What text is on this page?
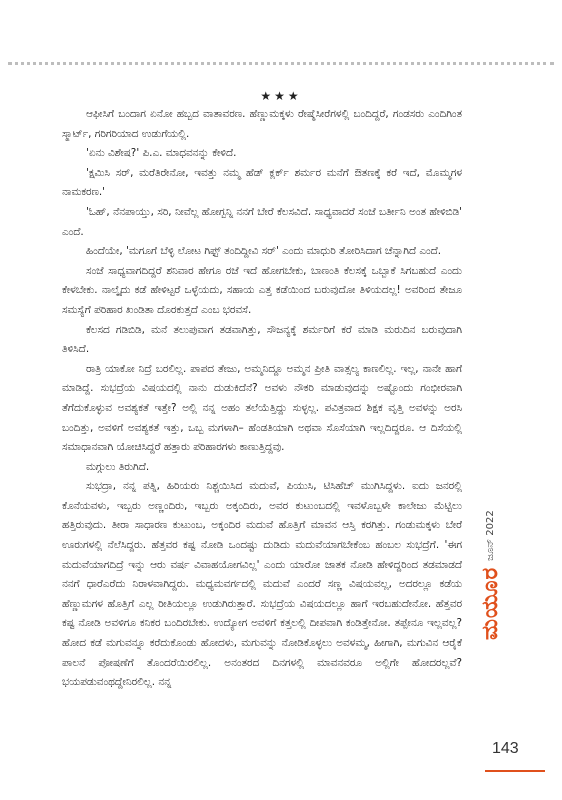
★★★

ಆಫೀಸಿಗೆ ಬಂದಾಗ ಏನೋ ಹಬ್ಬದ ವಾತಾವರಣ. ಹೆಣ್ಣುಮಕ್ಕಳು ರೇಷ್ಮೆಸೀರೆಗಳಲ್ಲಿ ಬಂದಿದ್ದರೆ, ಗಂಡಸರು ಎಂದಿಗಿಂತ ಸ್ಮಾರ್ಟ್, ಗರಿಗರಿಯಾದ ಉಡುಗೆಯಲ್ಲಿ.

'ಏನು ವಿಶೇಷ?' ಪಿ.ಎ. ಮಾಧವನನ್ನು ಕೇಳಿದೆ.

'ಕ್ಷಮಿಸಿ ಸರ್, ಮರೆತಿರೇನೋ, ಇವತ್ತು ನಮ್ಮ ಹೆಡ್ ಕ್ಲರ್ಕ್ ಶರ್ಮರ ಮನೆಗೆ ಔತಣಕ್ಕೆ ಕರೆ ಇದೆ, ಮೊಮ್ಮಗಳ ನಾಮಕರಣ.'

'ಓಹ್, ನೆನಪಾಯ್ತು, ಸರಿ, ನೀವೆಲ್ಲ ಹೋಗ್ಬನ್ನಿ ನನಗೆ ಬೇರೆ ಕೆಲಸವಿದೆ. ಸಾಧ್ಯವಾದರೆ ಸಂಜೆ ಬರ್ತೀನಿ ಅಂತ ಹೇಳಿಬಿಡಿ' ಎಂದೆ.

ಹಿಂದೆಯೇ, 'ಮಗೂಗೆ ಬೆಳ್ಳಿ ಲೋಟ ಗಿಫ್ಟ್ ತಂದಿದ್ದೀವಿ ಸರ್' ಎಂದು ಮಾಧುರಿ ತೋರಿಸಿದಾಗ ಚೆನ್ನಾಗಿದೆ ಎಂದೆ.

ಸಂಜೆ ಸಾಧ್ಯವಾಗದಿದ್ದರೆ ಶನಿವಾರ ಹೇಗೂ ರಜೆ ಇದೆ ಹೋಗಬೇಕು, ಬಾಣಂತಿ ಕೆಲಸಕ್ಕೆ ಒಬ್ಬಾಕೆ ಸಿಗಬಹುದೆ ಎಂದು ಕೇಳಬೇಕು. ನಾಲ್ಕೈದು ಕಡೆ ಹೇಳಿಟ್ಟರೆ ಒಳ್ಳೆಯದು, ಸಹಾಯ ಎತ್ತ ಕಡೆಯಿಂದ ಬರುವುದೋ ತಿಳಿಯದಲ್ಲ! ಅವರಿಂದ ತೇಜೂ ಸಮಸ್ಯೆಗೆ ಪರಿಹಾರ ಖಂಡಿತಾ ದೊರಕುತ್ತದೆ ಎಂಬ ಭರವಸೆ.

ಕೆಲಸದ ಗಡಿಬಿಡಿ, ಮನೆ ತಲುಪುವಾಗ ತಡವಾಗಿತ್ತು, ಸೌಜನ್ಯಕ್ಕೆ ಶರ್ಮರಿಗೆ ಕರೆ ಮಾಡಿ ಮರುದಿನ ಬರುವುದಾಗಿ ತಿಳಿಸಿದೆ.

ರಾತ್ರಿ ಯಾಕೋ ನಿದ್ರೆ ಬರಲಿಲ್ಲ. ಪಾಪದ ತೇಜು, ಅಮ್ಮನಿದ್ದೂ ಅಮ್ಮನ ಪ್ರೀತಿ ವಾತ್ಸಲ್ಯ ಕಾಣಲಿಲ್ಲ. ಇಲ್ಲ, ನಾನೇ ಹಾಗೆ ಮಾಡಿದ್ದೆ. ಸುಭದ್ರೆಯ ವಿಷಯದಲ್ಲಿ ನಾನು ದುಡುಕಿದೆನೆ? ಅವಳು ನೌಕರಿ ಮಾಡುವುದನ್ನು ಅಷ್ಟೊಂದು ಗಂಭೀರವಾಗಿ ತೆಗೆದುಕೊಳ್ಳುವ ಅವಶ್ಯಕತೆ ಇತ್ತೇ? ಅಲ್ಲಿ ನನ್ನ ಅಹಂ ತಲೆಯೆತ್ತಿದ್ದು ಸುಳ್ಳಲ್ಲ. ಪವಿತ್ರವಾದ ಶಿಕ್ಷಕ ವೃತ್ತಿ ಅವಳನ್ನು ಅರಸಿ ಬಂದಿತ್ತು, ಅವಳಿಗೆ ಅವಶ್ಯಕತೆ ಇತ್ತು, ಒಬ್ಬ ಮಗಳಾಗಿ– ಹೆಂಡತಿಯಾಗಿ ಅಥವಾ ಸೊಸೆಯಾಗಿ ಇಲ್ಲದಿದ್ದರೂ. ಆ ದಿಸೆಯಲ್ಲಿ ಸಮಾಧಾನವಾಗಿ ಯೋಚಿಸಿದ್ದರೆ ಹತ್ತಾರು ಪರಿಹಾರಗಳು ಕಾಣುತ್ತಿದ್ದವು.

ಮಗ್ಗುಲು ತಿರುಗಿದೆ.

ಸುಭದ್ರಾ, ನನ್ನ ಪತ್ನಿ, ಹಿರಿಯರು ನಿಶ್ಚಯಿಸಿದ ಮದುವೆ, ಪಿಯುಸಿ, ಟಿಸಿಹೆಚ್ ಮುಗಿಸಿದ್ದಳು. ಐದು ಜನರಲ್ಲಿ ಕೊನೆಯವಳು, ಇಬ್ಬರು ಅಣ್ಣಂದಿರು, ಇಬ್ಬರು ಅಕ್ಕಂದಿರು, ಅವರ ಕುಟುಂಬದಲ್ಲಿ ಇವಳೊಬ್ಬಳೇ ಕಾಲೇಜು ಮೆಟ್ಟಿಲು ಹತ್ತಿರುವುದು. ತೀರಾ ಸಾಧಾರಣ ಕುಟುಂಬ, ಅಕ್ಕಂದಿರ ಮದುವೆ ಹೊತ್ತಿಗೆ ಮಾವನ ಆಸ್ತಿ ಕರಗಿತ್ತು. ಗಂಡುಮಕ್ಕಳು ಬೇರೆ ಊರುಗಳಲ್ಲಿ ನೆಲೆಸಿದ್ದರು. ಹೆತ್ತವರ ಕಷ್ಟ ನೋಡಿ ಒಂದಷ್ಟು ದುಡಿದು ಮದುವೆಯಾಗಬೇಕೆಂಬ ಹಂಬಲ ಸುಭದ್ರೆಗೆ. 'ಈಗ ಮದುವೆಯಾಗದಿದ್ರೆ ಇನ್ನು ಆರು ವರ್ಷ ವಿವಾಹಯೋಗವಿಲ್ಲ' ಎಂದು ಯಾರೋ ಜಾತಕ ನೋಡಿ ಹೇಳಿದ್ದರಿಂದ ತಡಮಾಡದೆ ನನಗೆ ಧಾರೆಎರೆದು ನಿರಾಳವಾಗಿದ್ದರು. ಮಧ್ಯಮವರ್ಗದಲ್ಲಿ ಮದುವೆ ಎಂದರೆ ಸಣ್ಣ ವಿಷಯವಲ್ಲ, ಅದರಲ್ಲೂ ಕಡೆಯ ಹೆಣ್ಣುಮಗಳ ಹೊತ್ತಿಗೆ ಎಲ್ಲ ರೀತಿಯಲ್ಲೂ ಉಡುಗಿರುತ್ತಾರೆ. ಸುಭದ್ರೆಯ ವಿಷಯದಲ್ಲೂ ಹಾಗೆ ಇರಬಹುದೇನೋ. ಹೆತ್ತವರ ಕಷ್ಟ ನೋಡಿ ಅವಳಿಗೂ ಕನಿಕರ ಬಂದಿರಬೇಕು. ಉದ್ಯೋಗ ಅವಳಿಗೆ ಕತ್ತಲಲ್ಲಿ ದೀಪವಾಗಿ ಕಂಡಿತ್ತೇನೋ. ತಪ್ಪೇನೂ ಇಲ್ಲವಲ್ಲ? ಹೋದ ಕಡೆ ಮಗುವನ್ನೂ ಕರೆದುಕೊಂಡು ಹೋದಳು, ಮಗುವನ್ನು ನೋಡಿಕೊಳ್ಳಲು ಅವಳಮ್ಮ, ಹೀಗಾಗಿ, ಮಗುವಿನ ಆರೈಕೆ ಪಾಲನೆ ಪೋಷಣೆಗೆ ತೊಂದರೆಯಿರಲಿಲ್ಲ. ಅನಂತರದ ದಿನಗಳಲ್ಲಿ ಮಾವನವರೂ ಅಲ್ಲಿಗೇ ಹೋದರಲ್ಲವೆ? ಭಯಪಡುವಂಥದ್ದೇನಿರಲಿಲ್ಲ. ನನ್ನ

ಮಯೂರ
ಜೂನ್ 2022
143
